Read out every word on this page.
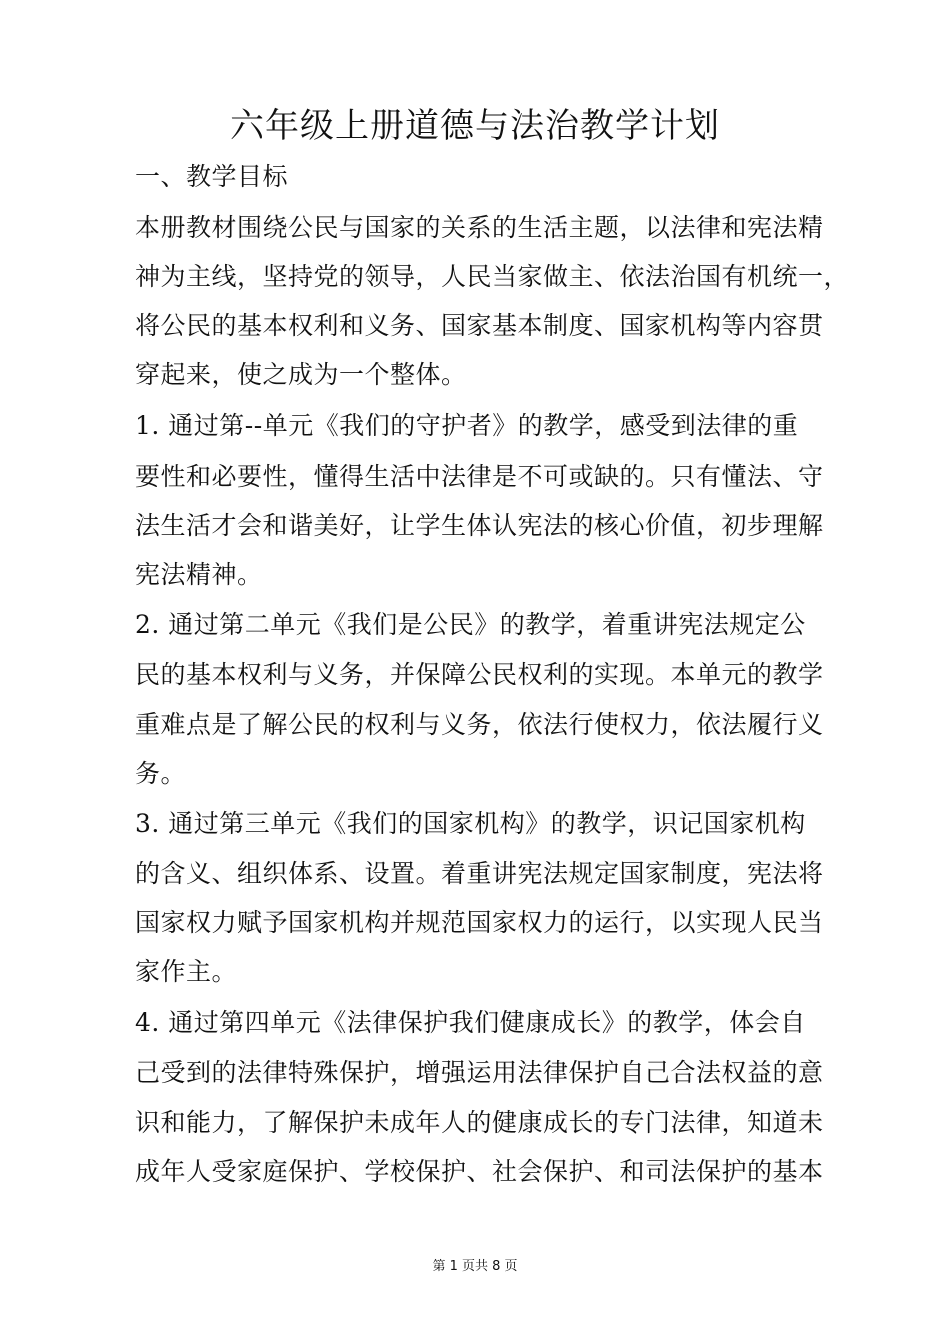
六年级上册道德与法治教学计划
一、教学目标
本册教材围绕公民与国家的关系的生活主题，以法律和宪法精
神为主线，坚持党的领导，人民当家做主、依法治国有机统一，
将公民的基本权利和义务、国家基本制度、国家机构等内容贯
穿起来，使之成为一个整体。
1. 通过第--单元《我们的守护者》的教学，感受到法律的重
要性和必要性，懂得生活中法律是不可或缺的。只有懂法、守
法生活才会和谐美好，让学生体认宪法的核心价值，初步理解
宪法精神。
2. 通过第二单元《我们是公民》的教学，着重讲宪法规定公
民的基本权利与义务，并保障公民权利的实现。本单元的教学
重难点是了解公民的权利与义务，依法行使权力，依法履行义
务。
3. 通过第三单元《我们的国家机构》的教学，识记国家机构
的含义、组织体系、设置。着重讲宪法规定国家制度，宪法将
国家权力赋予国家机构并规范国家权力的运行，以实现人民当
家作主。
4. 通过第四单元《法律保护我们健康成长》的教学，体会自
己受到的法律特殊保护，增强运用法律保护自己合法权益的意
识和能力，了解保护未成年人的健康成长的专门法律，知道未
成年人受家庭保护、学校保护、社会保护、和司法保护的基本
第 1 页共 8 页
